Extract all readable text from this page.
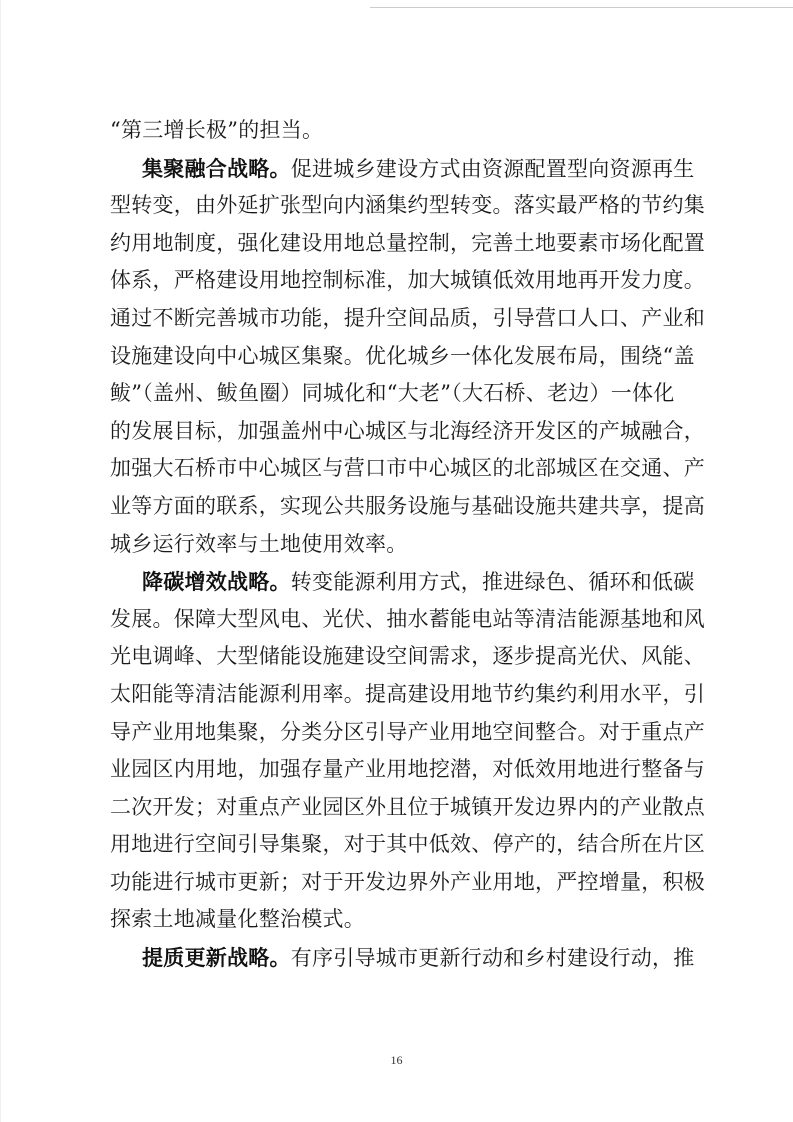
“第三增长极”的担当。
集聚融合战略。促进城乡建设方式由资源配置型向资源再生
型转变，由外延扩张型向内涵集约型转变。落实最严格的节约集
约用地制度，强化建设用地总量控制，完善土地要素市场化配置
体系，严格建设用地控制标准，加大城镇低效用地再开发力度。
通过不断完善城市功能，提升空间品质，引导营口人口、产业和
设施建设向中心城区集聚。优化城乡一体化发展布局，围绕“盖
鲅”（盖州、鲅鱼圈）同城化和“大老”（大石桥、老边）一体化
的发展目标，加强盖州中心城区与北海经济开发区的产城融合，
加强大石桥市中心城区与营口市中心城区的北部城区在交通、产
业等方面的联系，实现公共服务设施与基础设施共建共享，提高
城乡运行效率与土地使用效率。
降碳增效战略。转变能源利用方式，推进绿色、循环和低碳
发展。保障大型风电、光伏、抽水蓄能电站等清洁能源基地和风
光电调峰、大型储能设施建设空间需求，逐步提高光伏、风能、
太阳能等清洁能源利用率。提高建设用地节约集约利用水平，引
导产业用地集聚，分类分区引导产业用地空间整合。对于重点产
业园区内用地，加强存量产业用地挖潜，对低效用地进行整备与
二次开发；对重点产业园区外且位于城镇开发边界内的产业散点
用地进行空间引导集聚，对于其中低效、停产的，结合所在片区
功能进行城市更新；对于开发边界外产业用地，严控增量，积极
探索土地减量化整治模式。
提质更新战略。有序引导城市更新行动和乡村建设行动，推
16
